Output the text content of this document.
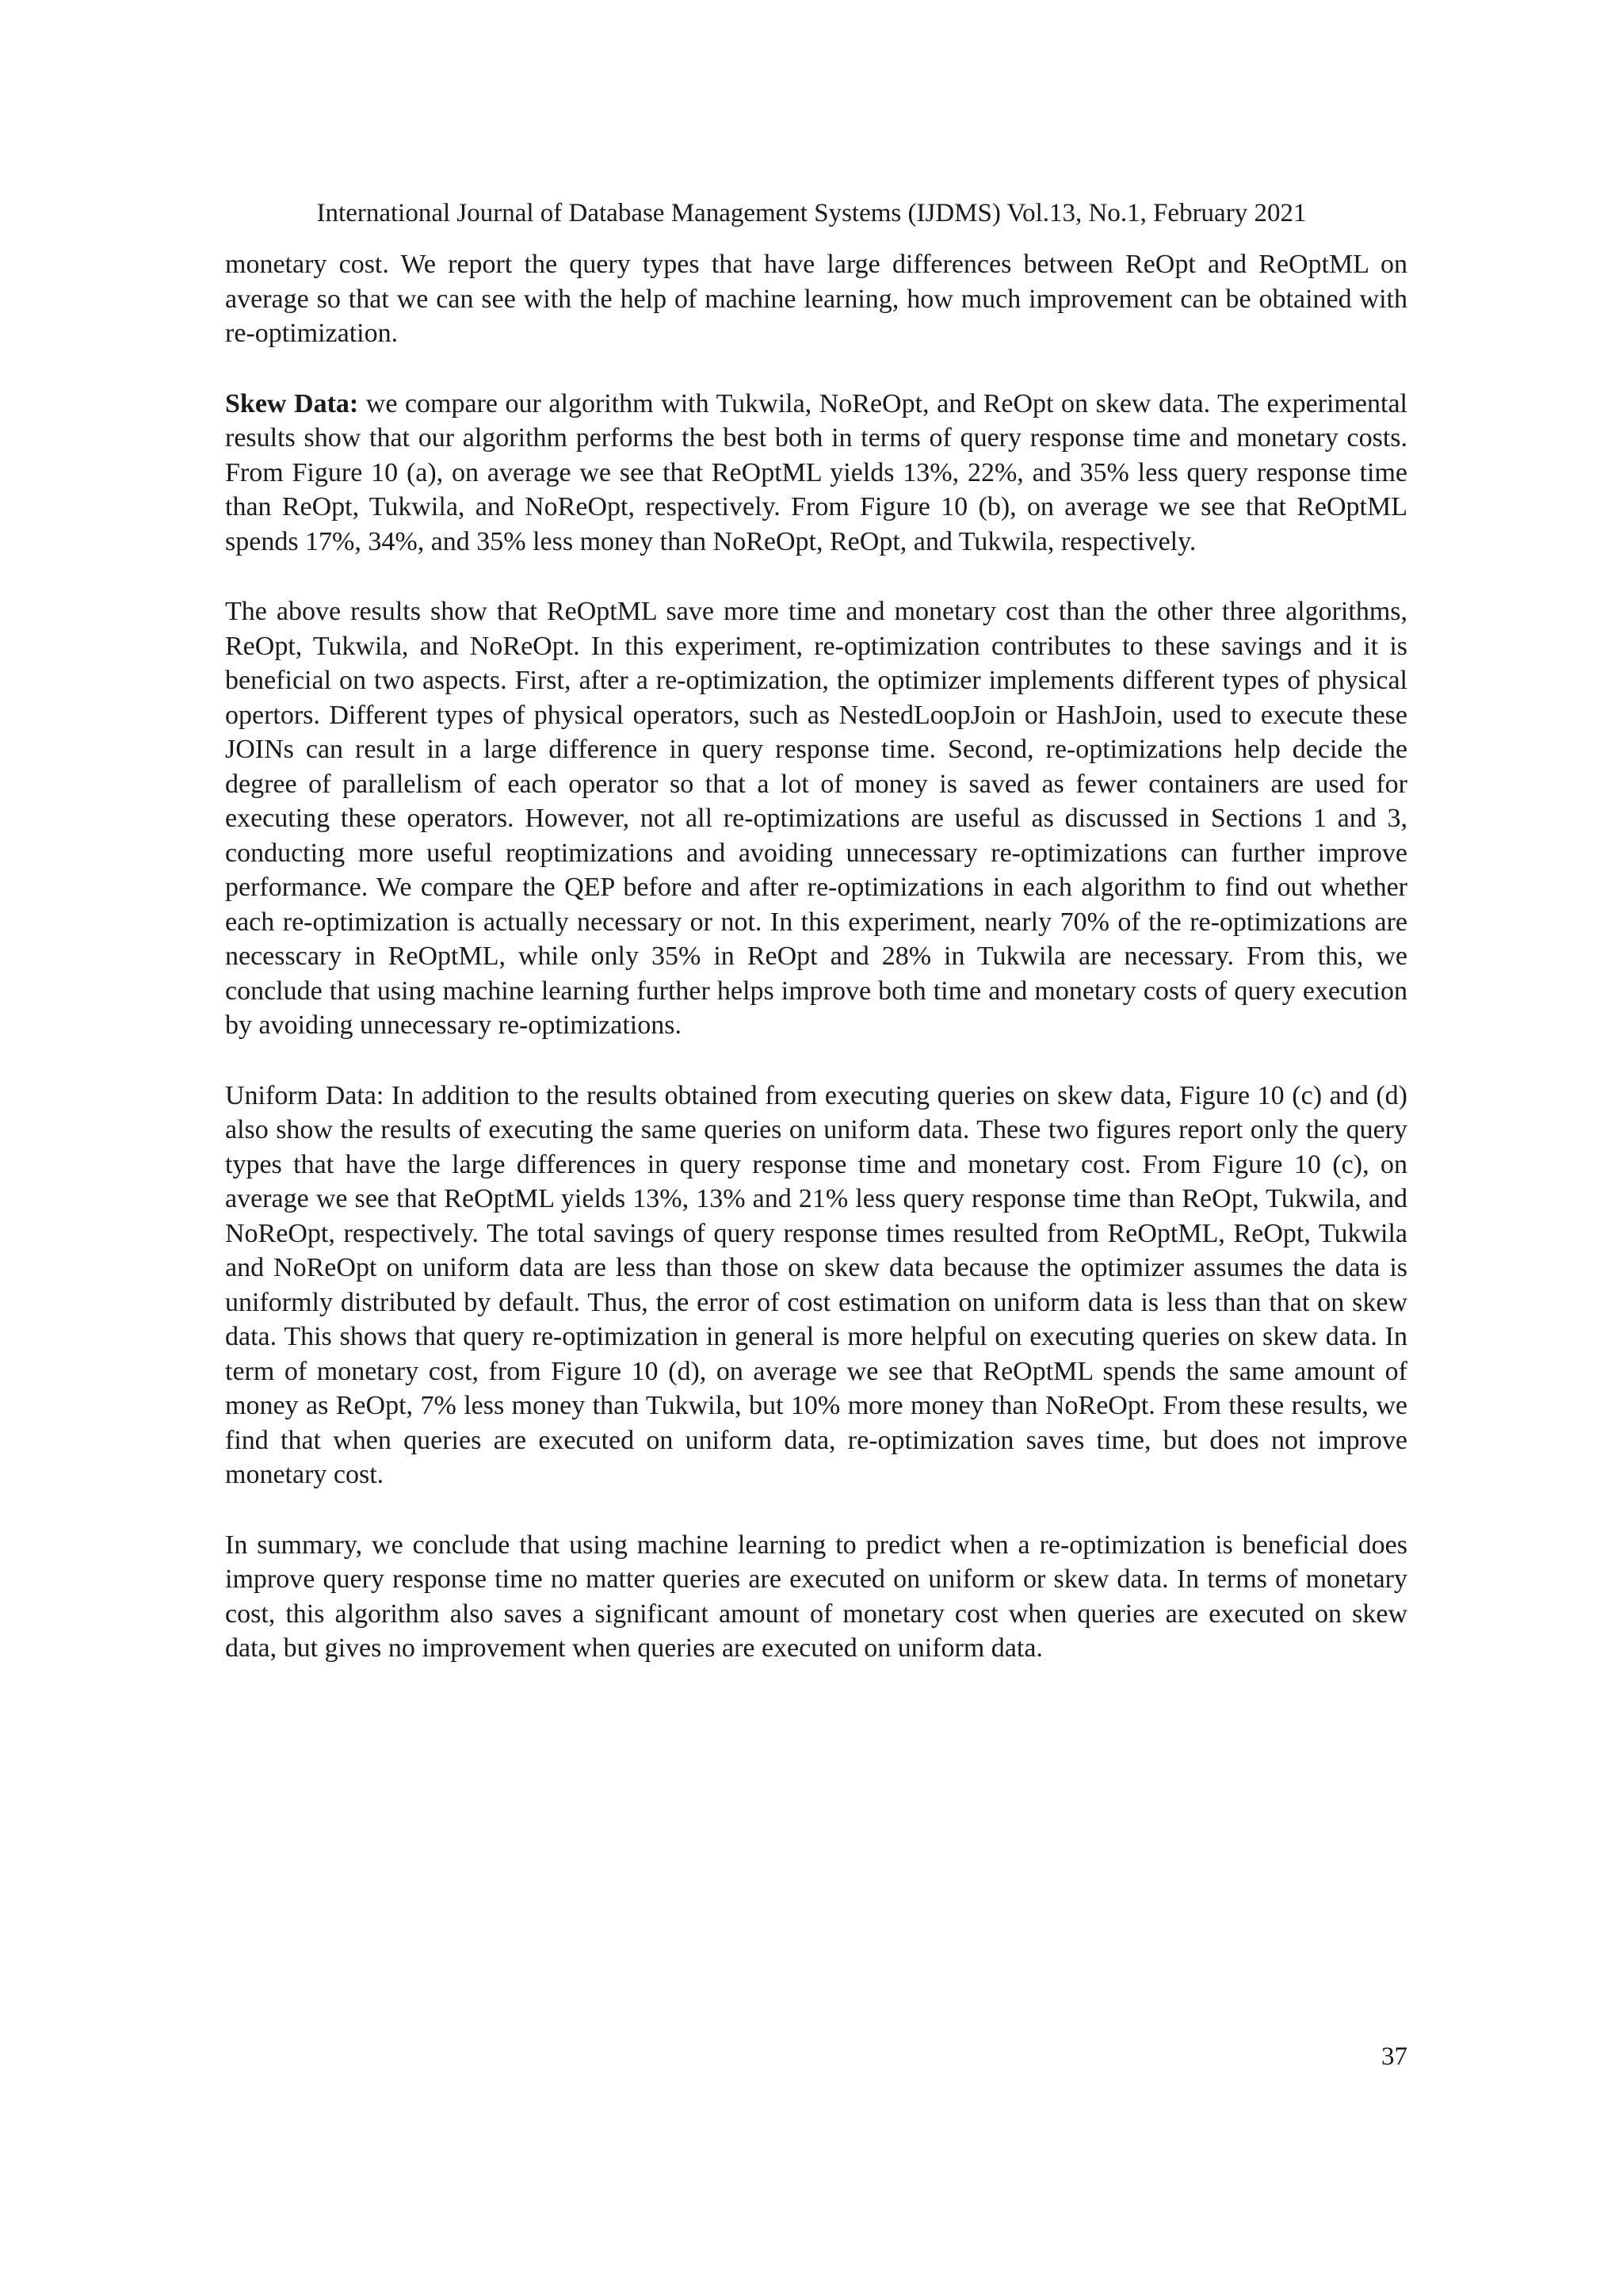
International Journal of Database Management Systems (IJDMS) Vol.13, No.1, February 2021

monetary cost. We report the query types that have large differences between ReOpt and ReOptML on average so that we can see with the help of machine learning, how much improvement can be obtained with re-optimization.

Skew Data: we compare our algorithm with Tukwila, NoReOpt, and ReOpt on skew data. The experimental results show that our algorithm performs the best both in terms of query response time and monetary costs. From Figure 10 (a), on average we see that ReOptML yields 13%, 22%, and 35% less query response time than ReOpt, Tukwila, and NoReOpt, respectively. From Figure 10 (b), on average we see that ReOptML spends 17%, 34%, and 35% less money than NoReOpt, ReOpt, and Tukwila, respectively.

The above results show that ReOptML save more time and monetary cost than the other three algorithms, ReOpt, Tukwila, and NoReOpt. In this experiment, re-optimization contributes to these savings and it is beneficial on two aspects. First, after a re-optimization, the optimizer implements different types of physical opertors. Different types of physical operators, such as NestedLoopJoin or HashJoin, used to execute these JOINs can result in a large difference in query response time. Second, re-optimizations help decide the degree of parallelism of each operator so that a lot of money is saved as fewer containers are used for executing these operators. However, not all re-optimizations are useful as discussed in Sections 1 and 3, conducting more useful reoptimizations and avoiding unnecessary re-optimizations can further improve performance. We compare the QEP before and after re-optimizations in each algorithm to find out whether each re-optimization is actually necessary or not. In this experiment, nearly 70% of the re-optimizations are necesscary in ReOptML, while only 35% in ReOpt and 28% in Tukwila are necessary. From this, we conclude that using machine learning further helps improve both time and monetary costs of query execution by avoiding unnecessary re-optimizations.

Uniform Data: In addition to the results obtained from executing queries on skew data, Figure 10 (c) and (d) also show the results of executing the same queries on uniform data. These two figures report only the query types that have the large differences in query response time and monetary cost. From Figure 10 (c), on average we see that ReOptML yields 13%, 13% and 21% less query response time than ReOpt, Tukwila, and NoReOpt, respectively. The total savings of query response times resulted from ReOptML, ReOpt, Tukwila and NoReOpt on uniform data are less than those on skew data because the optimizer assumes the data is uniformly distributed by default. Thus, the error of cost estimation on uniform data is less than that on skew data. This shows that query re-optimization in general is more helpful on executing queries on skew data. In term of monetary cost, from Figure 10 (d), on average we see that ReOptML spends the same amount of money as ReOpt, 7% less money than Tukwila, but 10% more money than NoReOpt. From these results, we find that when queries are executed on uniform data, re-optimization saves time, but does not improve monetary cost.

In summary, we conclude that using machine learning to predict when a re-optimization is beneficial does improve query response time no matter queries are executed on uniform or skew data. In terms of monetary cost, this algorithm also saves a significant amount of monetary cost when queries are executed on skew data, but gives no improvement when queries are executed on uniform data.

37
